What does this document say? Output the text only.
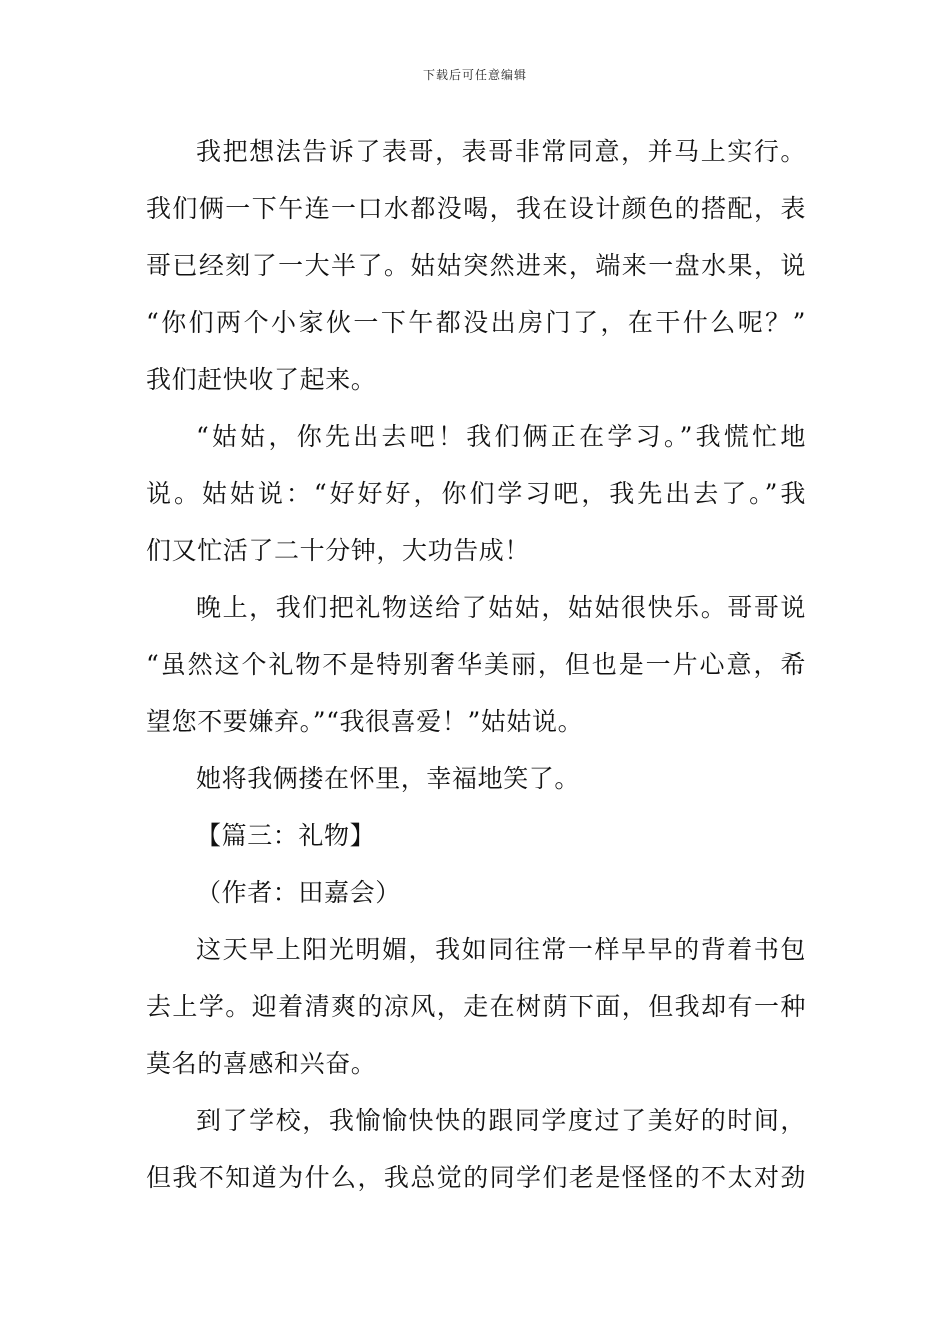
下载后可任意编辑
我把想法告诉了表哥，表哥非常同意，并马上实行。
我们俩一下午连一口水都没喝，我在设计颜色的搭配，表
哥已经刻了一大半了。姑姑突然进来，端来一盘水果，说
“你们两个小家伙一下午都没出房门了，在干什么呢？”
我们赶快收了起来。
“姑姑，你先出去吧！我们俩正在学习。”我慌忙地
说。姑姑说：“好好好，你们学习吧，我先出去了。”我
们又忙活了二十分钟，大功告成！
晚上，我们把礼物送给了姑姑，姑姑很快乐。哥哥说
“虽然这个礼物不是特别奢华美丽，但也是一片心意，希
望您不要嫌弃。”“我很喜爱！”姑姑说。
她将我俩搂在怀里，幸福地笑了。
【篇三：礼物】
（作者：田嘉会）
这天早上阳光明媚，我如同往常一样早早的背着书包
去上学。迎着清爽的凉风，走在树荫下面，但我却有一种
莫名的喜感和兴奋。
到了学校，我愉愉快快的跟同学度过了美好的时间，
但我不知道为什么，我总觉的同学们老是怪怪的不太对劲
